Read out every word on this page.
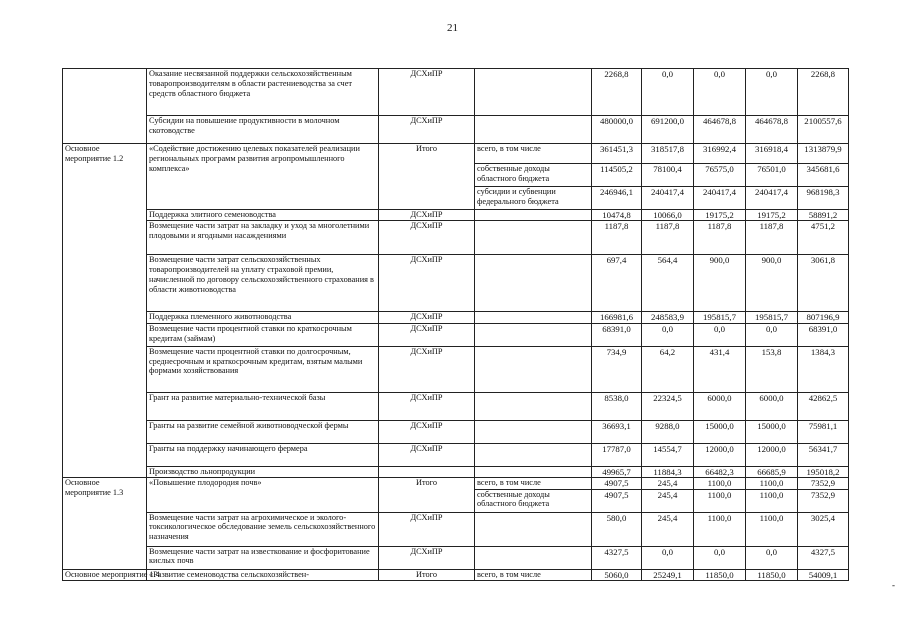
21
	Оказание несвязанной поддержки сельскохозяйственным товаропроизводителям в области растениеводства за счет средств областного бюджета	ДСХиПР		2268,8	0,0	0,0	0,0	2268,8
	Субсидии на повышение продуктивности в молочном скотоводстве	ДСХиПР		480000,0	691200,0	464678,8	464678,8	2100557,6
Основное мероприятие 1.2	«Содействие достижению целевых показателей реализации региональных программ развития агропромышленного комплекса»	Итого	всего, в том числе	361451,3	318517,8	316992,4	316918,4	1313879,9
			собственные доходы областного бюджета	114505,2	78100,4	76575,0	76501,0	345681,6
			субсидии и субвенции федерального бюджета	246946,1	240417,4	240417,4	240417,4	968198,3
	Поддержка элитного семеноводства	ДСХиПР		10474,8	10066,0	19175,2	19175,2	58891,2
	Возмещение части затрат на закладку и уход за многолетними плодовыми и ягодными насаждениями	ДСХиПР		1187,8	1187,8	1187,8	1187,8	4751,2
	Возмещение части затрат сельскохозяйственных товаропроизводителей на уплату страховой премии, начисленной по договору сельскохозяйственного страхования в области животноводства	ДСХиПР		697,4	564,4	900,0	900,0	3061,8
	Поддержка племенного животноводства	ДСХиПР		166981,6	248583,9	195815,7	195815,7	807196,9
	Возмещение части процентной ставки по краткосрочным кредитам (займам)	ДСХиПР		68391,0	0,0	0,0	0,0	68391,0
	Возмещение части процентной ставки по долгосрочным, среднесрочным и краткосрочным кредитам, взятым малыми формами хозяйствования	ДСХиПР		734,9	64,2	431,4	153,8	1384,3
	Грант на развитие материально-технической базы	ДСХиПР		8538,0	22324,5	6000,0	6000,0	42862,5
	Гранты на развитие семейной животноводческой фермы	ДСХиПР		36693,1	9288,0	15000,0	15000,0	75981,1
	Гранты на поддержку начинающего фермера	ДСХиПР		17787,0	14554,7	12000,0	12000,0	56341,7
	Производство льнопродукции			49965,7	11884,3	66482,3	66685,9	195018,2
Основное мероприятие 1.3	«Повышение плодородия почв»	Итого	всего, в том числе	4907,5	245,4	1100,0	1100,0	7352,9
			собственные доходы областного бюджета	4907,5	245,4	1100,0	1100,0	7352,9
	Возмещение части затрат на агрохимическое и эколого-токсикологическое обследование земель сельскохозяйственного назначения	ДСХиПР		580,0	245,4	1100,0	1100,0	3025,4
	Возмещение части затрат на известкование и фосфоритование кислых почв	ДСХиПР		4327,5	0,0	0,0	0,0	4327,5
Основное мероприятие 1.4	«Развитие семеноводства сельскохозяйствен-	Итого	всего, в том числе	5060,0	25249,1	11850,0	11850,0	54009,1
-
